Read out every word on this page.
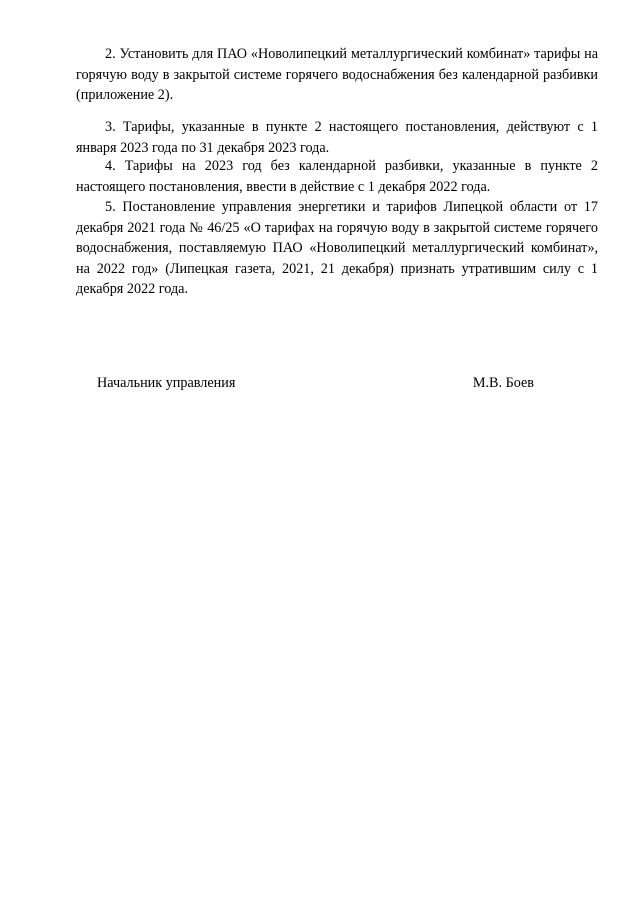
2. Установить для ПАО «Новолипецкий металлургический комбинат» тарифы на горячую воду в закрытой системе горячего водоснабжения без календарной разбивки (приложение 2).

3. Тарифы, указанные в пункте 2 настоящего постановления, действуют с 1 января 2023 года по 31 декабря 2023 года.

4. Тарифы на 2023 год без календарной разбивки, указанные в пункте 2 настоящего постановления, ввести в действие с 1 декабря 2022 года.

5. Постановление управления энергетики и тарифов Липецкой области от 17 декабря 2021 года № 46/25 «О тарифах на горячую воду в закрытой системе горячего водоснабжения, поставляемую ПАО «Новолипецкий металлургический комбинат», на 2022 год» (Липецкая газета, 2021, 21 декабря) признать утратившим силу с 1 декабря 2022 года.

Начальник управления	М.В. Боев
